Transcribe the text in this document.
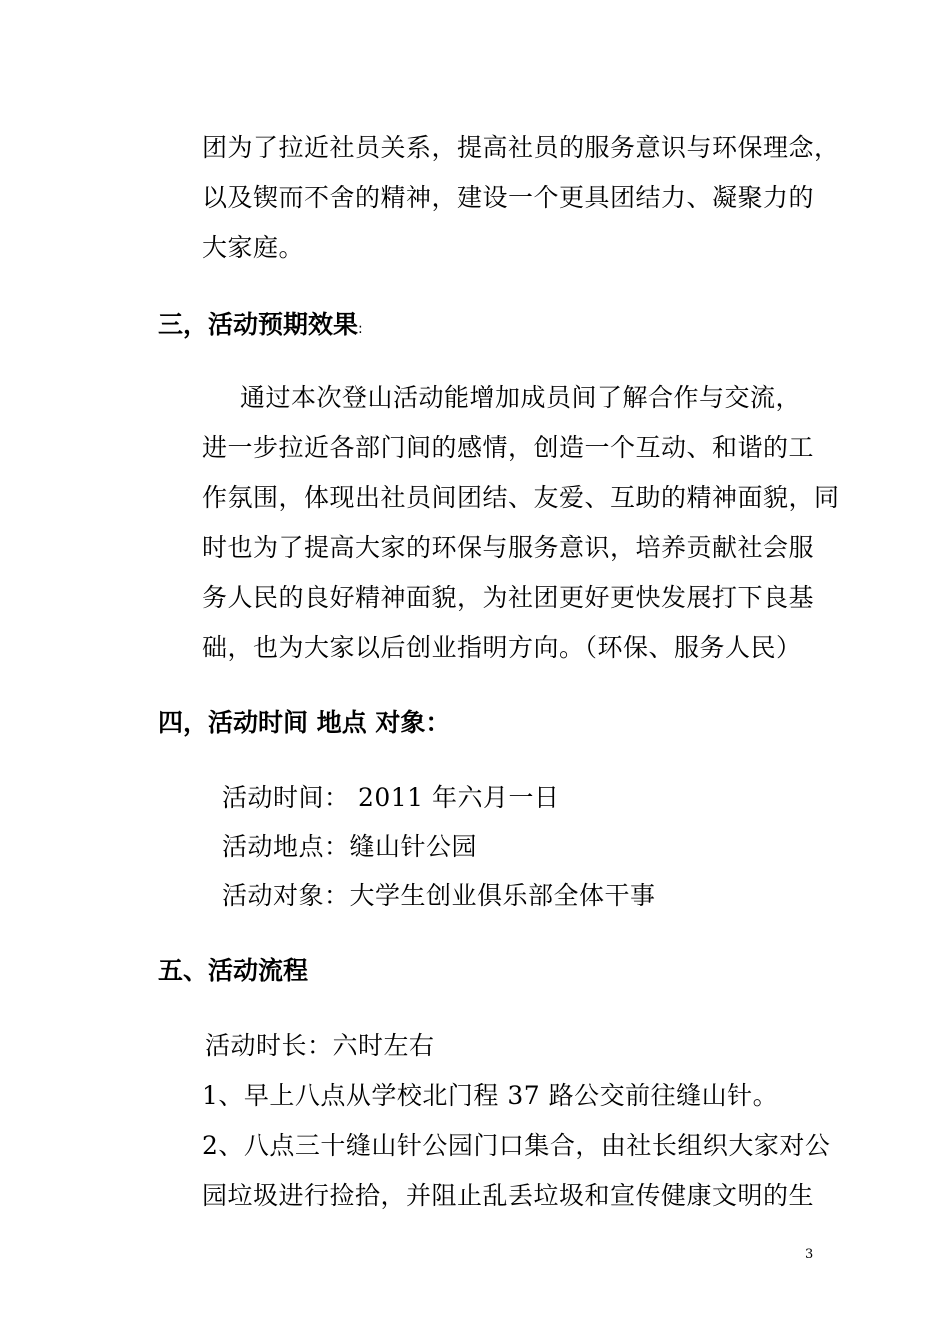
团为了拉近社员关系，提高社员的服务意识与环保理念，
以及锲而不舍的精神，建设一个更具团结力、凝聚力的
大家庭。
三，活动预期效果:
通过本次登山活动能增加成员间了解合作与交流，
进一步拉近各部门间的感情，创造一个互动、和谐的工
作氛围，体现出社员间团结、友爱、互助的精神面貌，同
时也为了提高大家的环保与服务意识，培养贡献社会服
务人民的良好精神面貌，为社团更好更快发展打下良基
础，也为大家以后创业指明方向。（环保、服务人民）
四，活动时间 地点 对象：
活动时间： 2011 年六月一日
活动地点：缝山针公园
活动对象：大学生创业俱乐部全体干事
五、活动流程
活动时长：六时左右
1、早上八点从学校北门程 37 路公交前往缝山针。
2、八点三十缝山针公园门口集合，由社长组织大家对公
园垃圾进行捡拾，并阻止乱丢垃圾和宣传健康文明的生
3
